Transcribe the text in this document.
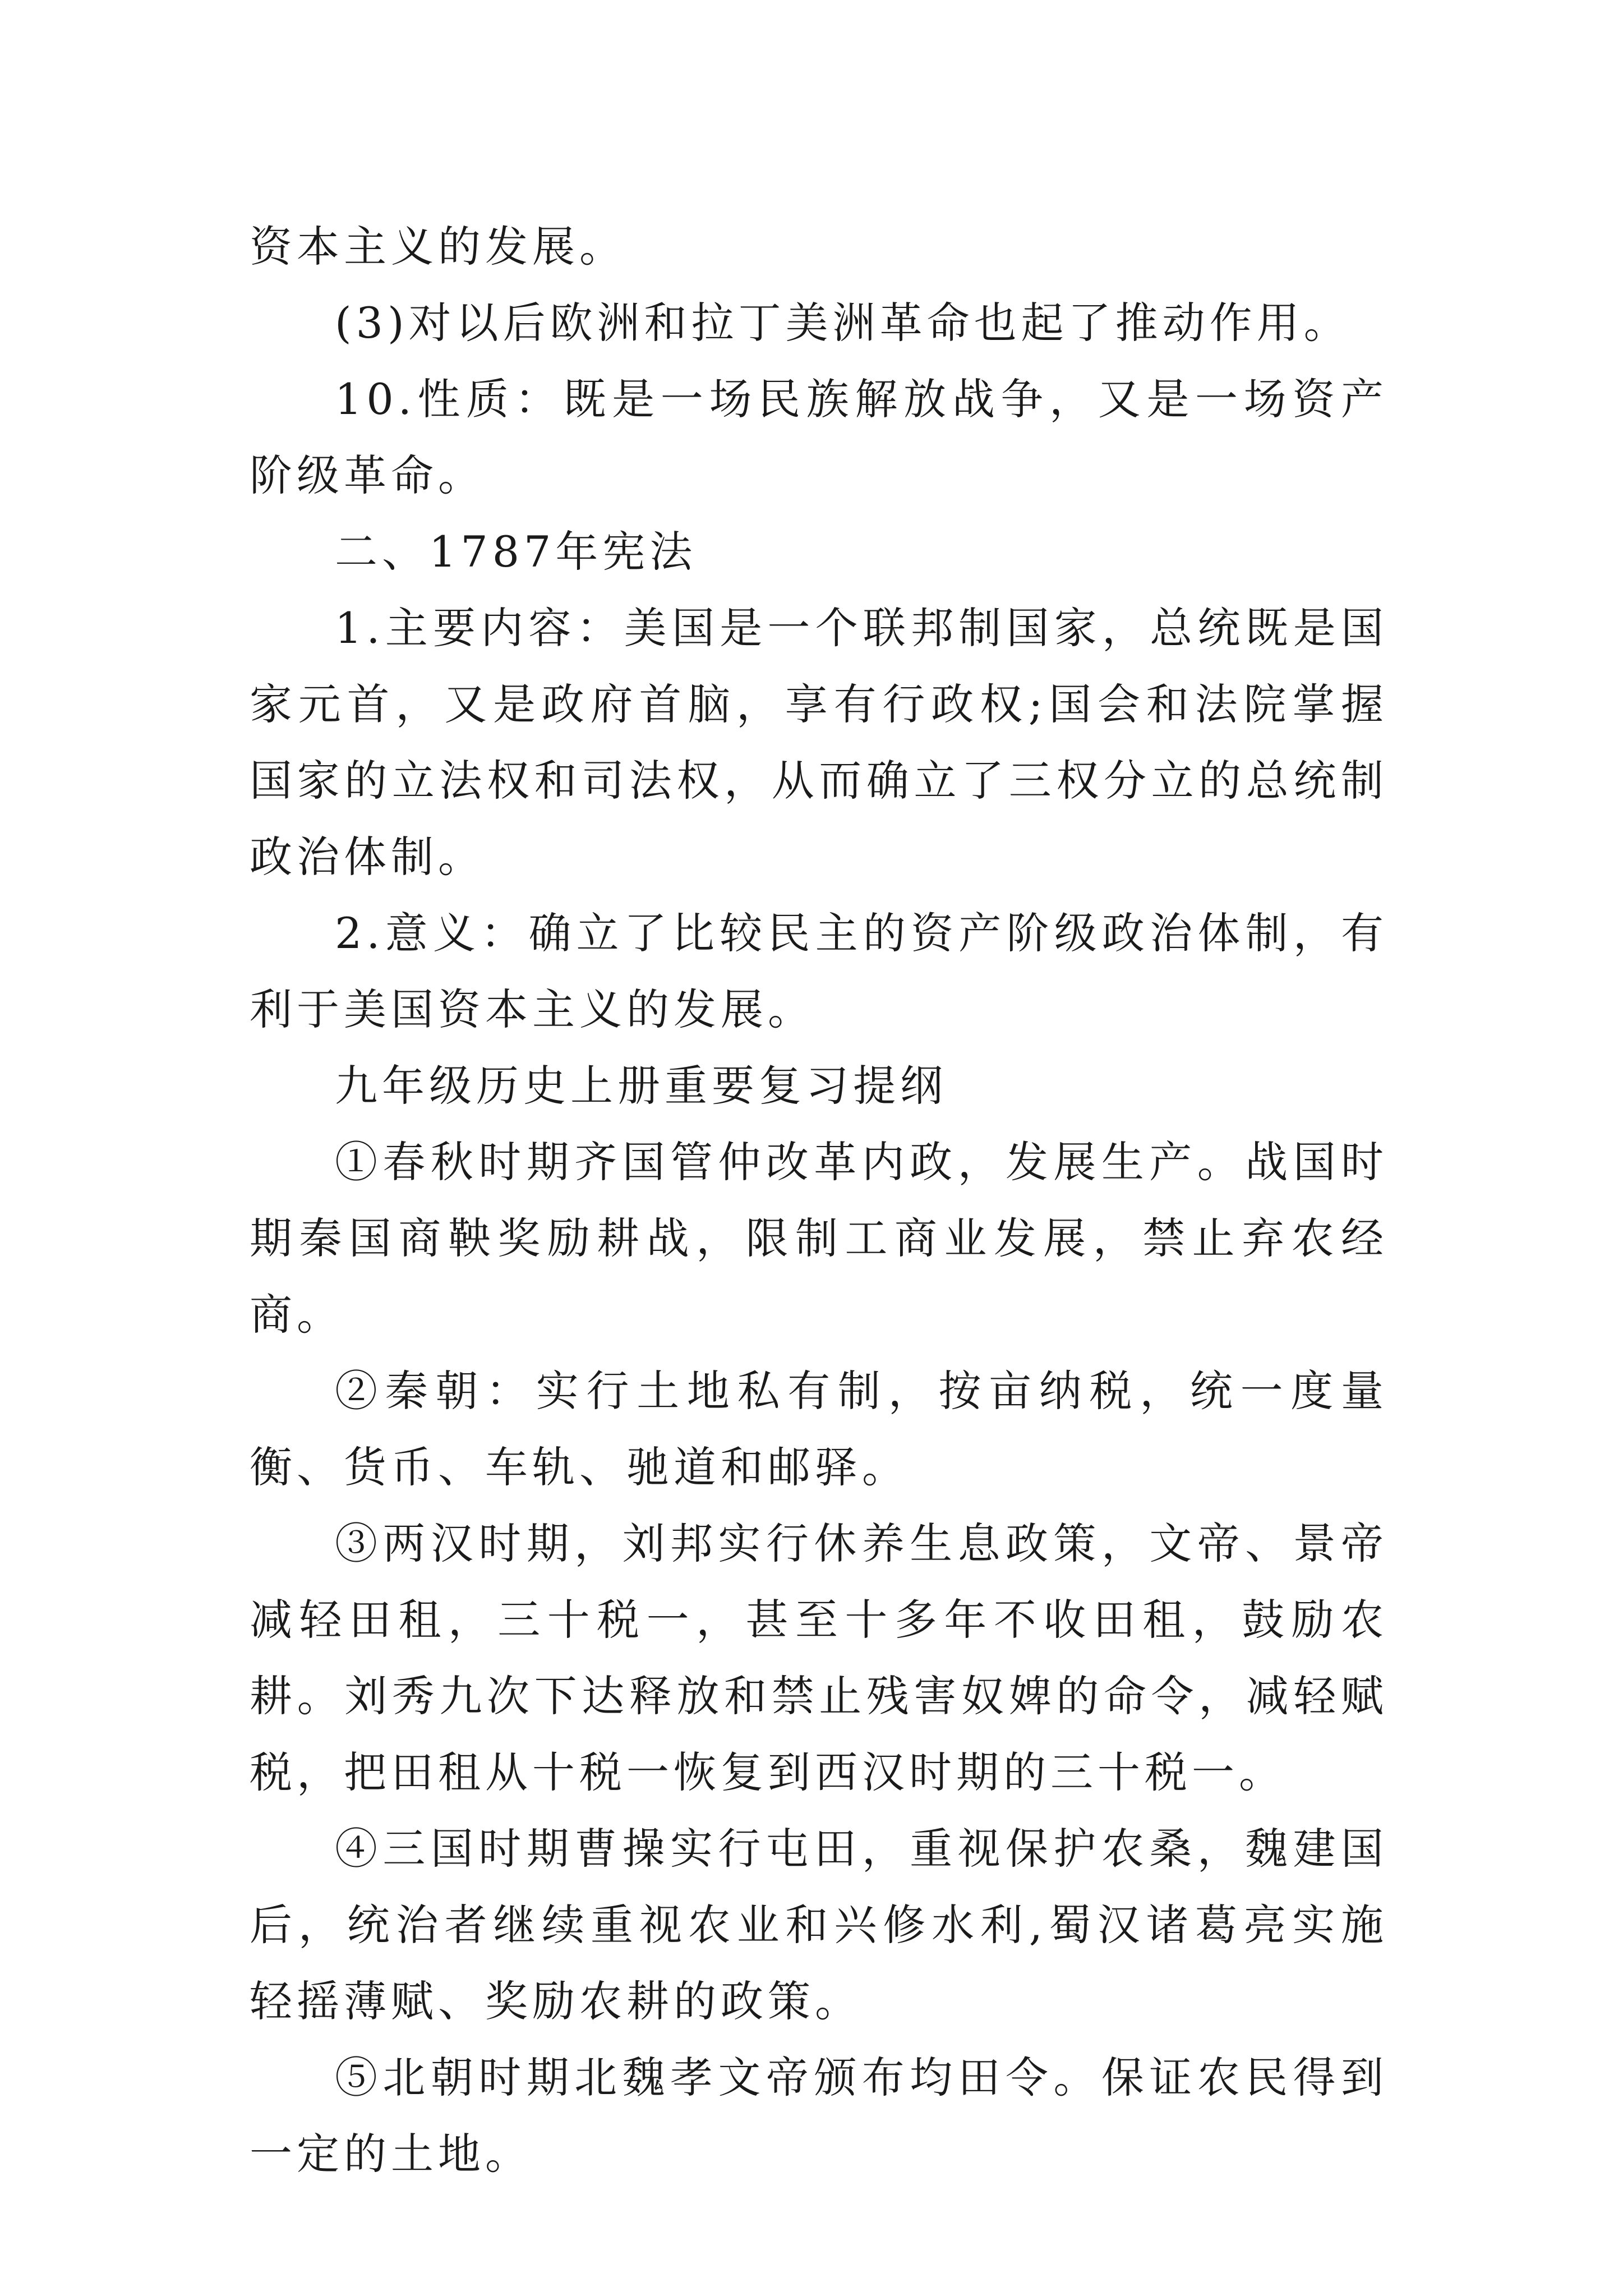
资本主义的发展。

(3)对以后欧洲和拉丁美洲革命也起了推动作用。

10.性质：既是一场民族解放战争，又是一场资产阶级革命。

二、1787年宪法

1.主要内容：美国是一个联邦制国家，总统既是国家元首，又是政府首脑，享有行政权;国会和法院掌握国家的立法权和司法权，从而确立了三权分立的总统制政治体制。

2.意义：确立了比较民主的资产阶级政治体制，有利于美国资本主义的发展。

九年级历史上册重要复习提纲

①春秋时期齐国管仲改革内政，发展生产。战国时期秦国商鞅奖励耕战，限制工商业发展，禁止弃农经商。

②秦朝：实行土地私有制，按亩纳税，统一度量衡、货币、车轨、驰道和邮驿。

③两汉时期，刘邦实行休养生息政策，文帝、景帝减轻田租，三十税一，甚至十多年不收田租，鼓励农耕。刘秀九次下达释放和禁止残害奴婢的命令，减轻赋税，把田租从十税一恢复到西汉时期的三十税一。

④三国时期曹操实行屯田，重视保护农桑，魏建国后，统治者继续重视农业和兴修水利,蜀汉诸葛亮实施轻摇薄赋、奖励农耕的政策。

⑤北朝时期北魏孝文帝颁布均田令。保证农民得到一定的土地。
